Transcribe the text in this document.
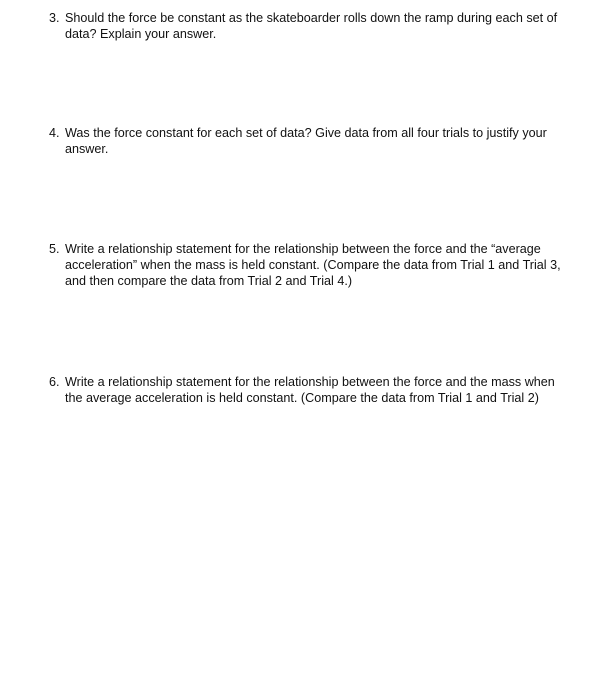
3. Should the force be constant as the skateboarder rolls down the ramp during each set of data? Explain your answer.
4. Was the force constant for each set of data? Give data from all four trials to justify your answer.
5. Write a relationship statement for the relationship between the force and the “average acceleration” when the mass is held constant. (Compare the data from Trial 1 and Trial 3, and then compare the data from Trial 2 and Trial 4.)
6. Write a relationship statement for the relationship between the force and the mass when the average acceleration is held constant. (Compare the data from Trial 1 and Trial 2)
